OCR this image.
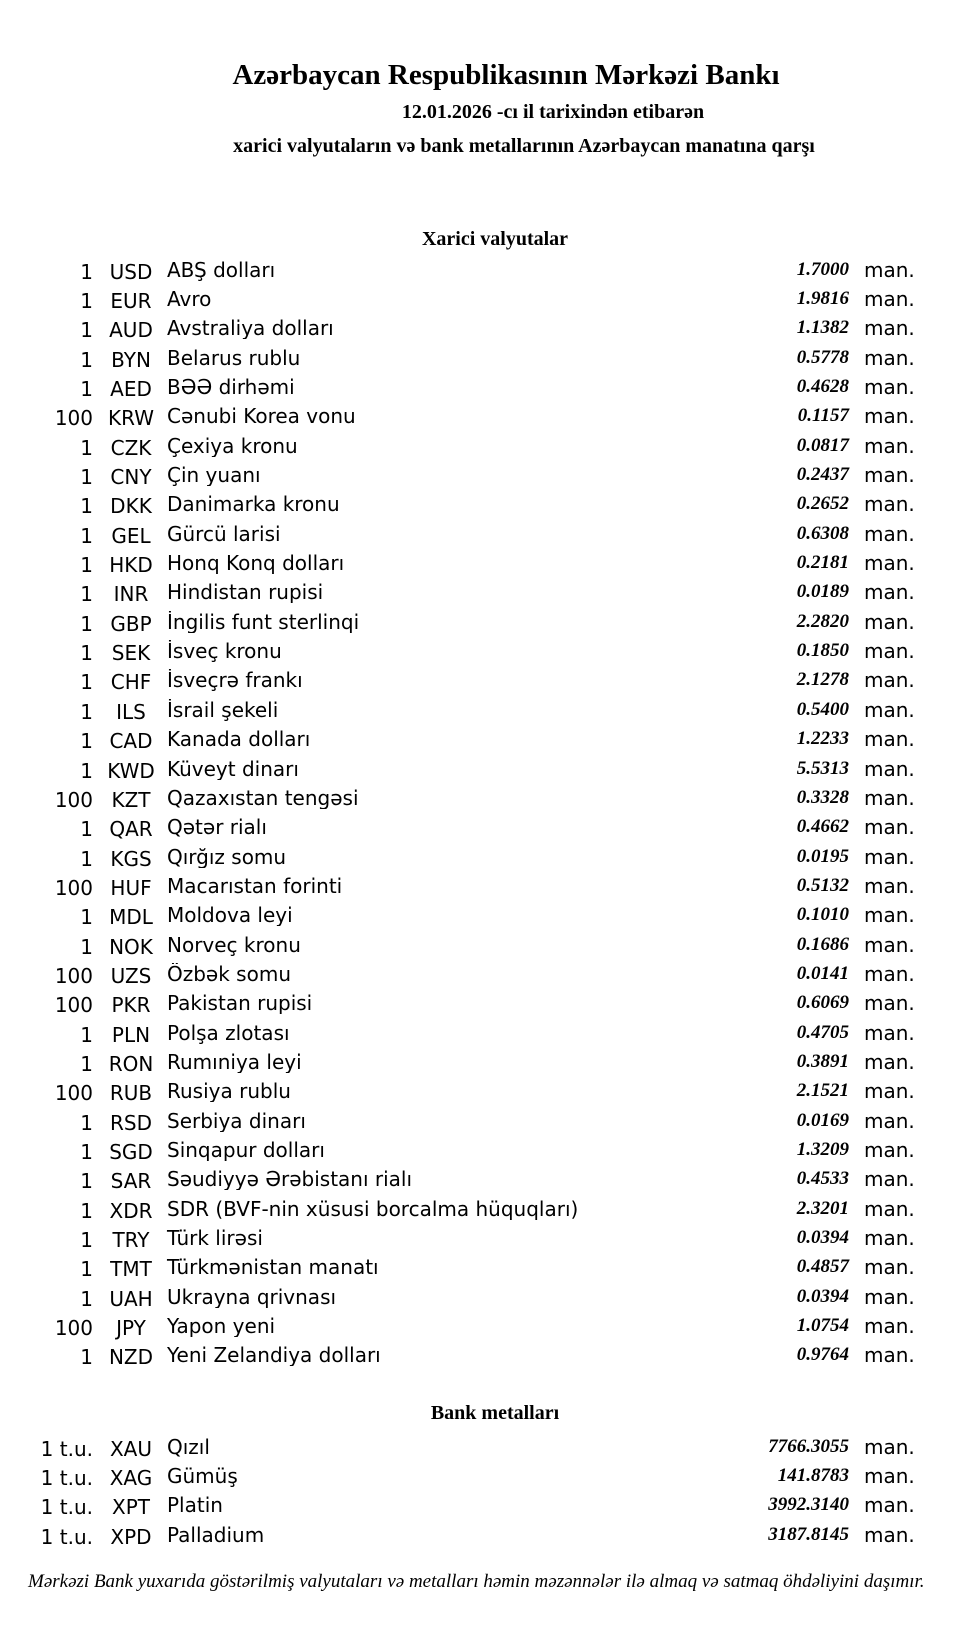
Azərbaycan Respublikasının Mərkəzi Bankı
12.01.2026 -cı il tarixindən etibarən
xarici valyutaların və bank metallarının Azərbaycan manatına qarşı
Xarici valyutalar
1 USD ABŞ dolları	1.7000 man.
1 EUR Avro	1.9816 man.
1 AUD Avstraliya dolları	1.1382 man.
1 BYN Belarus rublu	0.5778 man.
1 AED BƏƏ dirhəmi	0.4628 man.
100 KRW Cənubi Korea vonu	0.1157 man.
1 CZK Çexiya kronu	0.0817 man.
1 CNY Çin yuanı	0.2437 man.
1 DKK Danimarka kronu	0.2652 man.
1 GEL Gürcü larisi	0.6308 man.
1 HKD Honq Konq dolları	0.2181 man.
1	INR Hindistan rupisi	0.0189 man.
1 GBP İngilis funt sterlinqi	2.2820 man.
1 SEK İsveç kronu	0.1850 man.
1 CHF İsveçrə frankı	2.1278 man.
1	ILS	İsrail şekeli	0.5400 man.
1 CAD Kanada dolları	1.2233 man.
1 KWD Küveyt dinarı	5.5313 man.
100 KZT Qazaxıstan tengəsi	0.3328 man.
1 QAR Qətər rialı	0.4662 man.
1 KGS Qırğız somu	0.0195 man.
100 HUF Macarıstan forinti	0.5132 man.
1 MDL Moldova leyi	0.1010 man.
1 NOK Norveç kronu	0.1686 man.
100 UZS Özbək somu	0.0141 man.
100 PKR Pakistan rupisi	0.6069 man.
1 PLN Polşa zlotası	0.4705 man.
1 RON Rumıniya leyi	0.3891 man.
100 RUB Rusiya rublu	2.1521 man.
1 RSD Serbiya dinarı	0.0169 man.
1 SGD Sinqapur dolları	1.3209 man.
1 SAR Səudiyyə Ərəbistanı rialı	0.4533 man.
1 XDR SDR (BVF-nin xüsusi borcalma hüquqları)	2.3201 man.
1 TRY Türk lirəsi	0.0394 man.
1 TMT Türkmənistan manatı	0.4857 man.
1 UAH Ukrayna qrivnası	0.0394 man.
100	JPY	Yapon yeni	1.0754 man.
1 NZD Yeni Zelandiya dolları	0.9764 man.
Bank metalları
1 t.u. XAU Qızıl	7766.3055 man.
1 t.u. XAG Gümüş	141.8783 man.
1 t.u. XPT Platin	3992.3140 man.
1 t.u. XPD Palladium	3187.8145 man.
Mərkəzi Bank yuxarıda göstərilmiş valyutaları və metalları həmin məzənnələr ilə almaq və satmaq öhdəliyini daşımır.
